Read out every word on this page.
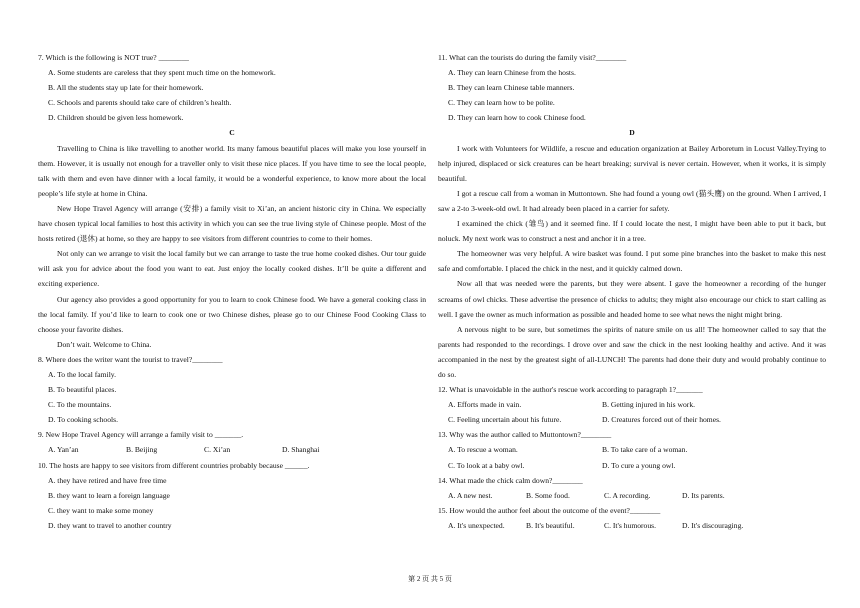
7. Which is the following is NOT true? ________
A. Some students are careless that they spent much time on the homework.
B. All the students stay up late for their homework.
C. Schools and parents should take care of children’s health.
D. Children should be given less homework.
C
Travelling to China is like travelling to another world. Its many famous beautiful places will make you lose yourself in them. However, it is usually not enough for a traveller only to visit these nice places. If you have time to see the local people, talk with them and even have dinner with a local family, it would be a wonderful experience, to know more about the local people’s life style at home in China.
New Hope Travel Agency will arrange (安排) a family visit to Xi’an, an ancient historic city in China. We especially have chosen typical local families to host this activity in which you can see the true living style of Chinese people. Most of the hosts retired (退休) at home, so they are happy to see visitors from different countries to come to their homes.
Not only can we arrange to visit the local family but we can arrange to taste the true home cooked dishes. Our tour guide will ask you for advice about the food you want to eat. Just enjoy the locally cooked dishes. It’ll be quite a different and exciting experience.
Our agency also provides a good opportunity for you to learn to cook Chinese food. We have a general cooking class in the local family. If you’d like to learn to cook one or two Chinese dishes, please go to our Chinese Food Cooking Class to choose your favorite dishes.
Don’t wait. Welcome to China.
8. Where does the writer want the tourist to travel?________
A. To the local family.
B. To beautiful places.
C. To the mountains.
D. To cooking schools.
9. New Hope Travel Agency will arrange a family visit to _______.
A. Yan’an	B. Beijing	C. Xi’an	D. Shanghai
10. The hosts are happy to see visitors from different countries probably because ______.
A. they have retired and have free time
B. they want to learn a foreign language
C. they want to make some money
D. they want to travel to another country
11. What can the tourists do during the family visit?________
A. They can learn Chinese from the hosts.
B. They can learn Chinese table manners.
C. They can learn how to be polite.
D. They can learn how to cook Chinese food.
D
I work with Volunteers for Wildlife, a rescue and education organization at Bailey Arboretum in Locust Valley.Trying to help injured, displaced or sick creatures can be heart breaking; survival is never certain. However, when it works, it is simply beautiful.
I got a rescue call from a woman in Muttontown. She had found a young owl (猫头鹰) on the ground. When I arrived, I saw a 2-to 3-week-old owl. It had already been placed in a carrier for safety.
I examined the chick (雏鸟) and it seemed fine. If I could locate the nest, I might have been able to put it back, but noluck. My next work was to construct a nest and anchor it in a tree.
The homeowner was very helpful. A wire basket was found. I put some pine branches into the basket to make this nest safe and comfortable. I placed the chick in the nest, and it quickly calmed down.
Now all that was needed were the parents, but they were absent. I gave the homeowner a recording of the hunger screams of owl chicks. These advertise the presence of chicks to adults; they might also encourage our chick to start calling as well. I gave the owner as much information as possible and headed home to see what news the night might bring.
A nervous night to be sure, but sometimes the spirits of nature smile on us all! The homeowner called to say that the parents had responded to the recordings. I drove over and saw the chick in the nest looking healthy and active. And it was accompanied in the nest by the greatest sight of all-LUNCH! The parents had done their duty and would probably continue to do so.
12. What is unavoidable in the author's rescue work according to paragraph 1?_______
A. Efforts made in vain.	B. Getting injured in his work.
C. Feeling uncertain about his future.	D. Creatures forced out of their homes.
13. Why was the author called to Muttontown?________
A. To rescue a woman.	B. To take care of a woman.
C. To look at a baby owl.	D. To cure a young owl.
14. What made the chick calm down?________
A. A new nest.	B. Some food.	C. A recording.	D. Its parents.
15. How would the author feel about the outcome of the event?________
A. It's unexpected.	B. It's beautiful.	C. It's humorous.	D. It's discouraging.
第 2 页 共 5 页
